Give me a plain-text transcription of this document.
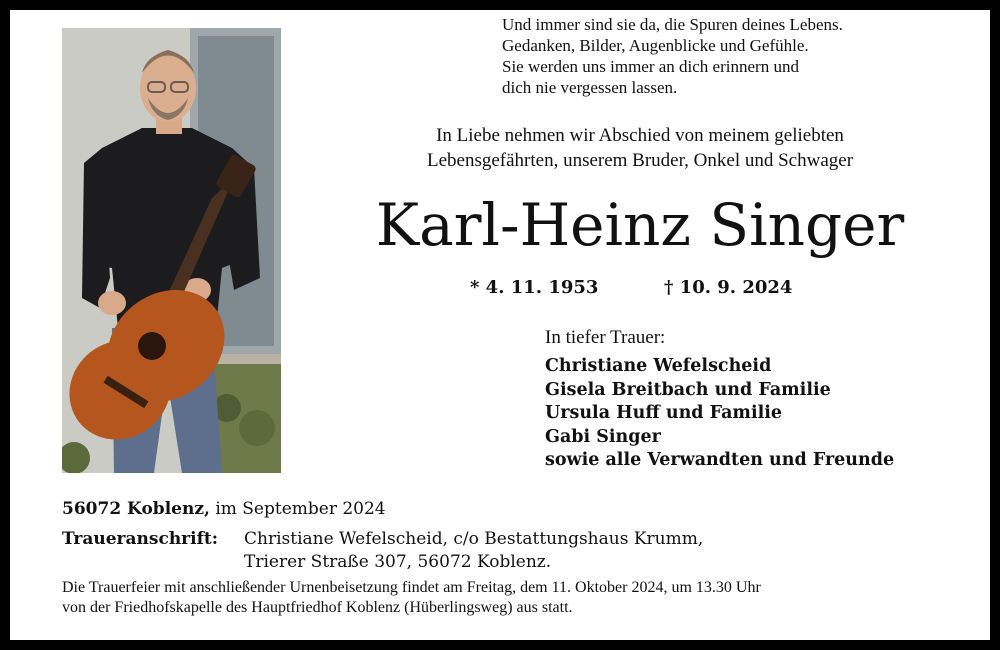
Und immer sind sie da, die Spuren deines Lebens.
Gedanken, Bilder, Augenblicke und Gefühle.
Sie werden uns immer an dich erinnern und
dich nie vergessen lassen.
In Liebe nehmen wir Abschied von meinem geliebten
Lebensgefährten, unserem Bruder, Onkel und Schwager
Karl-Heinz Singer
* 4. 11. 1953	† 10. 9. 2024
In tiefer Trauer:
Christiane Wefelscheid
Gisela Breitbach und Familie
Ursula Huff und Familie
Gabi Singer
sowie alle Verwandten und Freunde
56072 Koblenz, im September 2024
Traueranschrift: Christiane Wefelscheid, c/o Bestattungshaus Krumm,
Trierer Straße 307, 56072 Koblenz.
Die Trauerfeier mit anschließender Urnenbeisetzung findet am Freitag, dem 11. Oktober 2024, um 13.30 Uhr
von der Friedhofskapelle des Hauptfriedhof Koblenz (Hüberlingsweg) aus statt.
